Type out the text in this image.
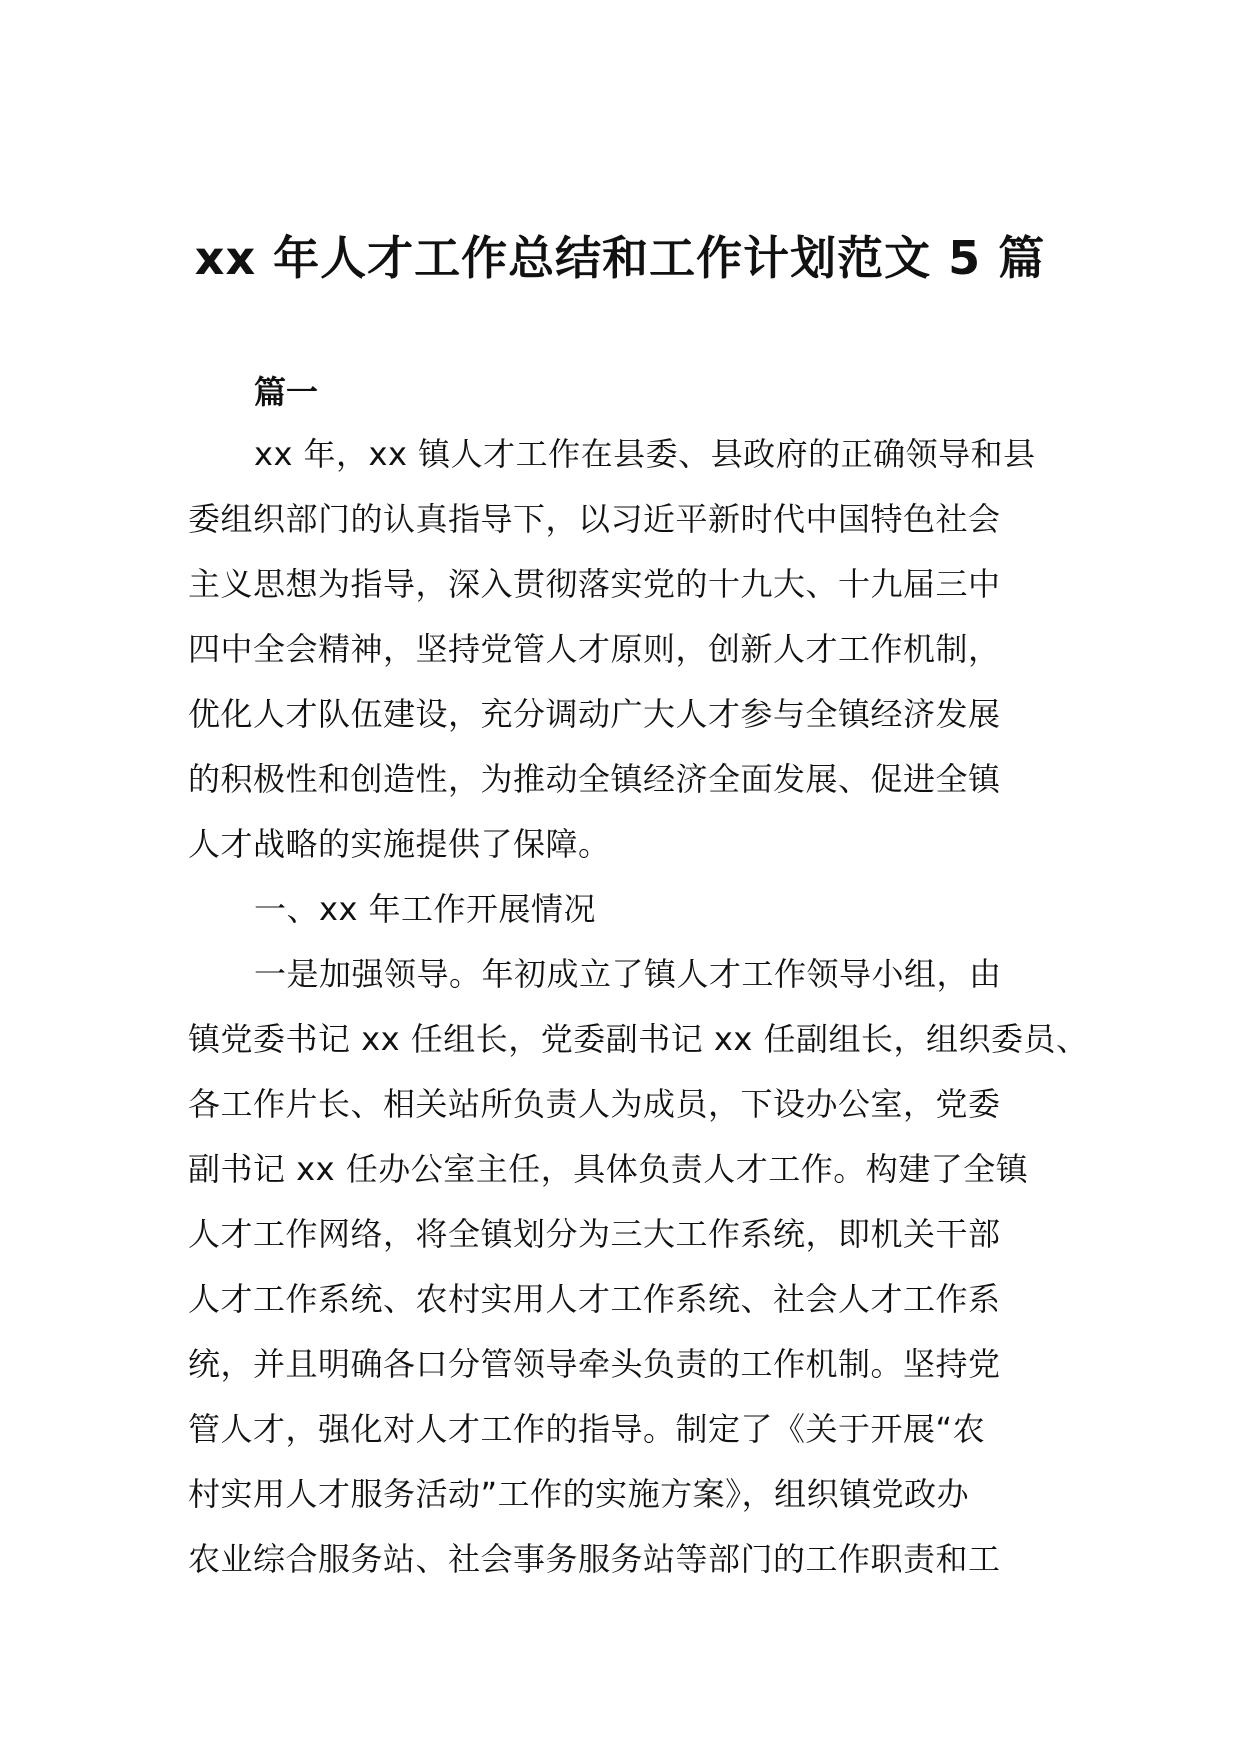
xx 年人才工作总结和工作计划范文 5 篇
篇一
xx 年，xx 镇人才工作在县委、县政府的正确领导和县
委组织部门的认真指导下，以习近平新时代中国特色社会
主义思想为指导，深入贯彻落实党的十九大、十九届三中
四中全会精神，坚持党管人才原则，创新人才工作机制，
优化人才队伍建设，充分调动广大人才参与全镇经济发展
的积极性和创造性，为推动全镇经济全面发展、促进全镇
人才战略的实施提供了保障。
一、xx 年工作开展情况
一是加强领导。年初成立了镇人才工作领导小组，由
镇党委书记 xx 任组长，党委副书记 xx 任副组长，组织委员、
各工作片长、相关站所负责人为成员，下设办公室，党委
副书记 xx 任办公室主任，具体负责人才工作。构建了全镇
人才工作网络，将全镇划分为三大工作系统，即机关干部
人才工作系统、农村实用人才工作系统、社会人才工作系
统，并且明确各口分管领导牵头负责的工作机制。坚持党
管人才，强化对人才工作的指导。制定了《关于开展“农
村实用人才服务活动”工作的实施方案》，组织镇党政办
农业综合服务站、社会事务服务站等部门的工作职责和工
